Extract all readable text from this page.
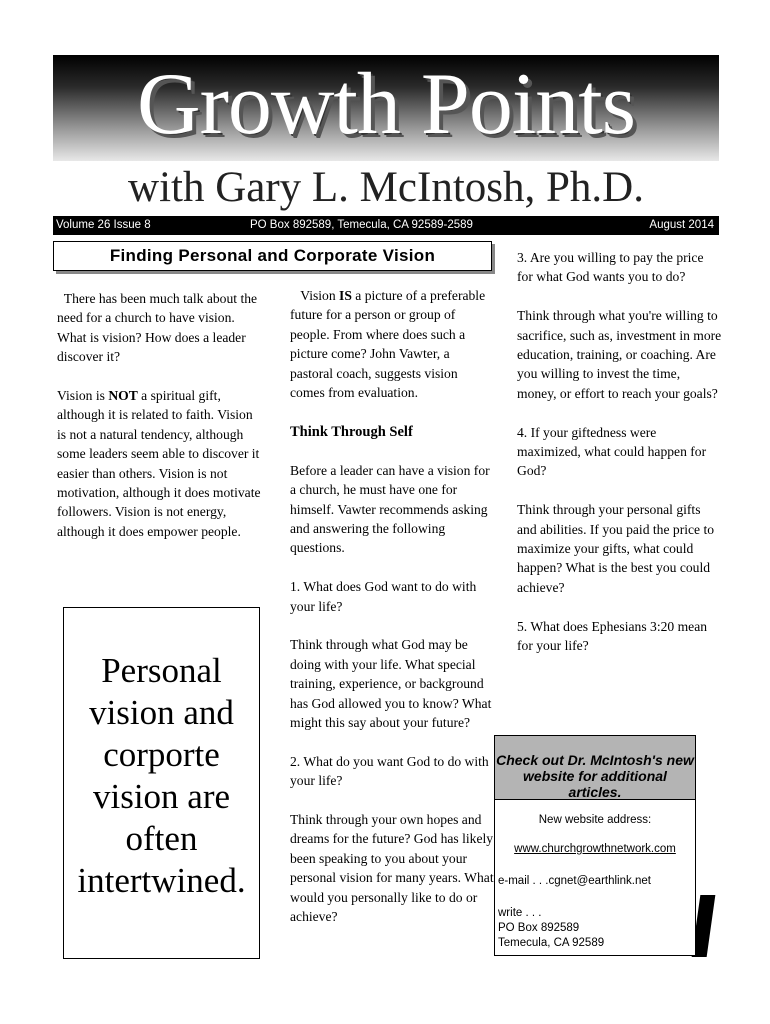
Growth Points
with Gary L. McIntosh, Ph.D.
Volume 26 Issue 8	PO Box 892589, Temecula, CA 92589-2589	August 2014
Finding Personal and Corporate Vision

There has been much talk about the need for a church to have vision. What is vision? How does a leader discover it?

Vision is NOT a spiritual gift, although it is related to faith. Vision is not a natural tendency, although some leaders seem able to discover it easier than others. Vision is not motivation, although it does motivate followers. Vision is not energy, although it does empower people.

Vision IS a picture of a preferable future for a person or group of people. From where does such a picture come? John Vawter, a pastoral coach, suggests vision comes from evaluation.

Think Through Self

Before a leader can have a vision for a church, he must have one for himself. Vawter recommends asking and answering the following questions.

1. What does God want to do with your life?

Think through what God may be doing with your life. What special training, experience, or background has God allowed you to know? What might this say about your future?

2. What do you want God to do with your life?

Think through your own hopes and dreams for the future? God has likely been speaking to you about your personal vision for many years. What would you personally like to do or achieve?

3. Are you willing to pay the price for what God wants you to do?

Think through what you're willing to sacrifice, such as, investment in more education, training, or coaching. Are you willing to invest the time, money, or effort to reach your goals?

4. If your giftedness were maximized, what could happen for God?

Think through your personal gifts and abilities. If you paid the price to maximize your gifts, what could happen? What is the best you could achieve?

5. What does Ephesians 3:20 mean for your life?

Personal vision and corporte vision are often intertwined.
Check out Dr. McIntosh's new website for additional articles.
New website address:
www.churchgrowthnetwork.com
e-mail . . .cgnet@earthlink.net
write . . .
PO Box 892589
Temecula, CA 92589
